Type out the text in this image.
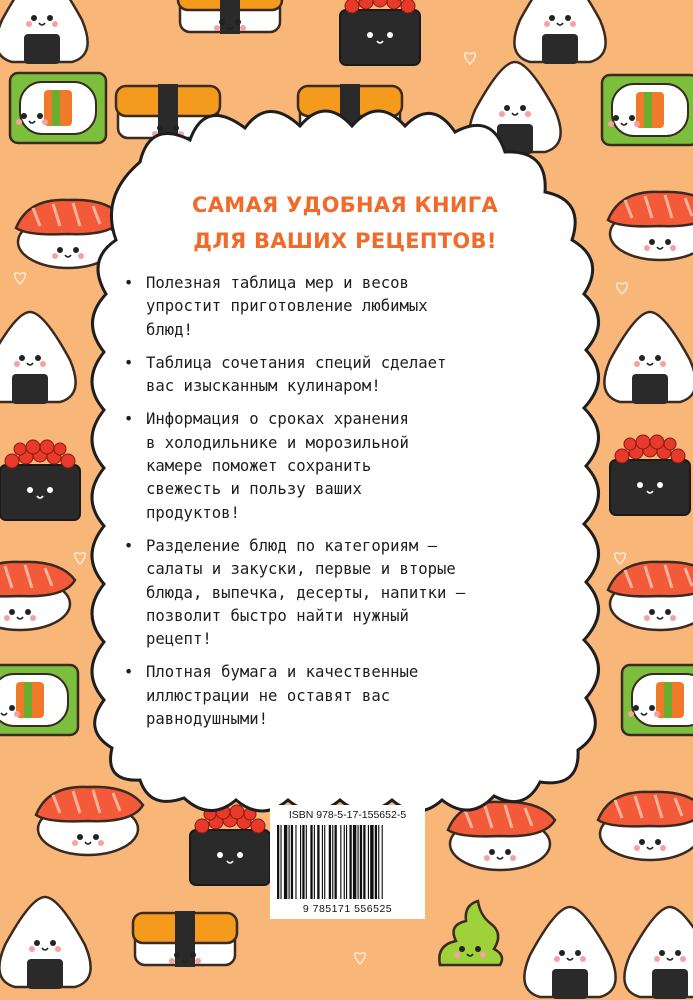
САМАЯ УДОБНАЯ КНИГА
ДЛЯ ВАШИХ РЕЦЕПТОВ!
• Полезная таблица мер и весов
упростит приготовление любимых
блюд!
• Таблица сочетания специй сделает
вас изысканным кулинаром!
• Информация о сроках хранения
в холодильнике и морозильной
камере поможет сохранить
свежесть и пользу ваших
продуктов!
• Разделение блюд по категориям —
салаты и закуски, первые и вторые
блюда, выпечка, десерты, напитки —
позволит быстро найти нужный
рецепт!
• Плотная бумага и качественные
иллюстрации не оставят вас
равнодушными!
ISBN 978-5-17-155652-5
9 785171 556525
